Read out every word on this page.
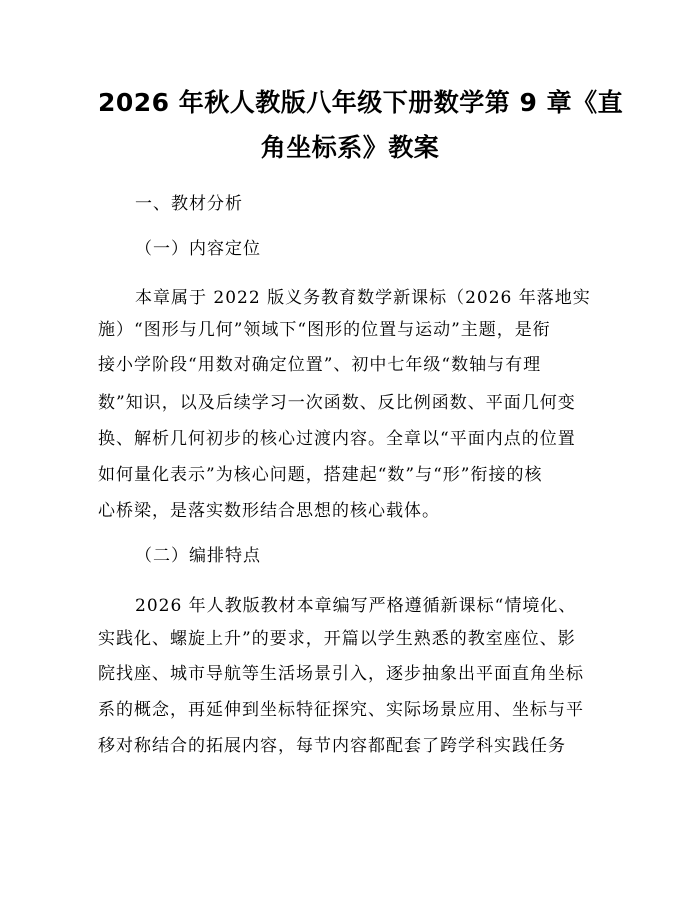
2026 年秋人教版八年级下册数学第 9 章《直
角坐标系》教案
一、教材分析
（一）内容定位
本章属于 2022 版义务教育数学新课标（2026 年落地实
施）“图形与几何”领域下“图形的位置与运动”主题，是衔
接小学阶段“用数对确定位置”、初中七年级“数轴与有理
数”知识，以及后续学习一次函数、反比例函数、平面几何变
换、解析几何初步的核心过渡内容。全章以“平面内点的位置
如何量化表示”为核心问题，搭建起“数”与“形”衔接的核
心桥梁，是落实数形结合思想的核心载体。
（二）编排特点
2026 年人教版教材本章编写严格遵循新课标“情境化、
实践化、螺旋上升”的要求，开篇以学生熟悉的教室座位、影
院找座、城市导航等生活场景引入，逐步抽象出平面直角坐标
系的概念，再延伸到坐标特征探究、实际场景应用、坐标与平
移对称结合的拓展内容，每节内容都配套了跨学科实践任务
